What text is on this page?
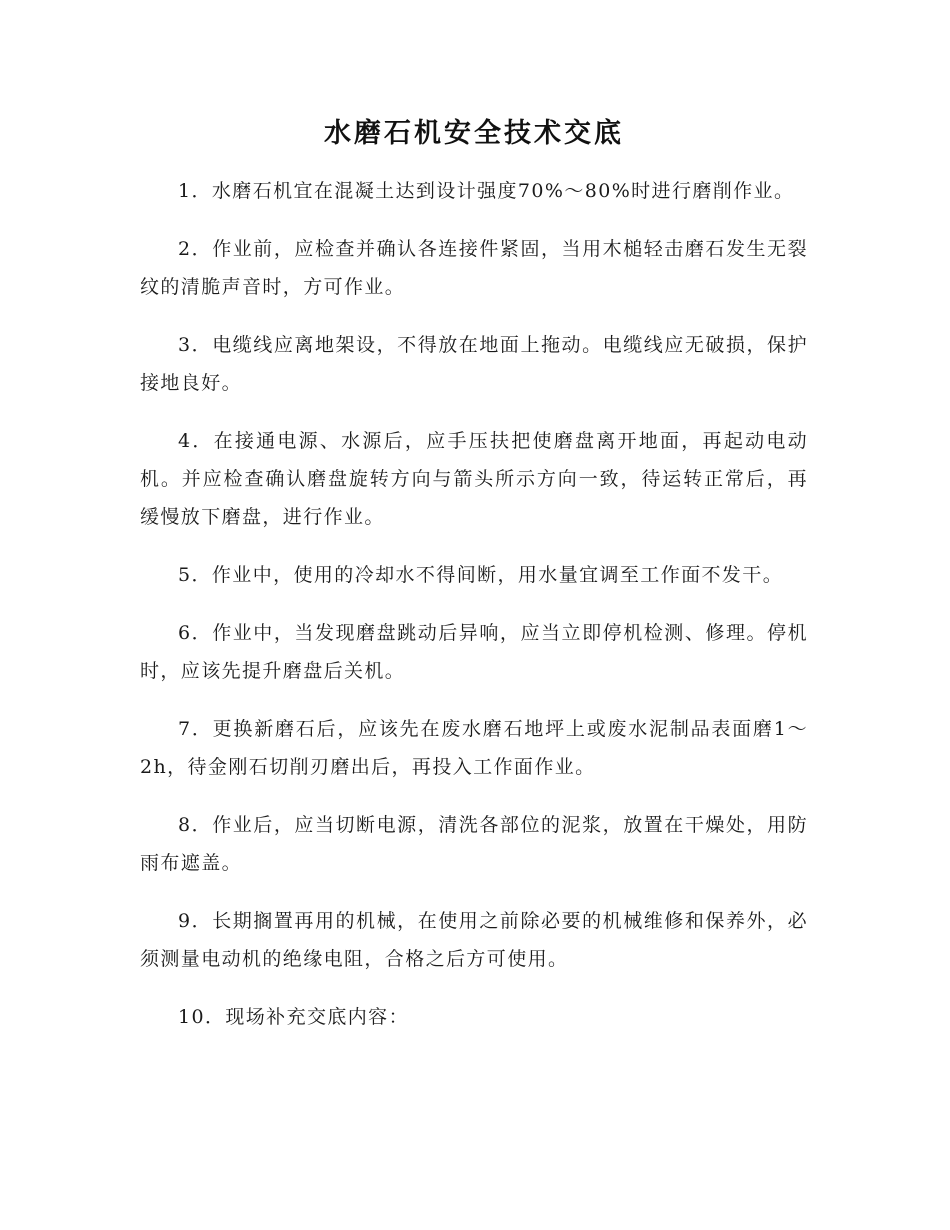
水磨石机安全技术交底

1．水磨石机宜在混凝土达到设计强度70%～80%时进行磨削作业。

2．作业前，应检查并确认各连接件紧固，当用木槌轻击磨石发生无裂纹的清脆声音时，方可作业。

3．电缆线应离地架设，不得放在地面上拖动。电缆线应无破损，保护接地良好。

4．在接通电源、水源后，应手压扶把使磨盘离开地面，再起动电动机。并应检查确认磨盘旋转方向与箭头所示方向一致，待运转正常后，再缓慢放下磨盘，进行作业。

5．作业中，使用的冷却水不得间断，用水量宜调至工作面不发干。

6．作业中，当发现磨盘跳动后异响，应当立即停机检测、修理。停机时，应该先提升磨盘后关机。

7．更换新磨石后，应该先在废水磨石地坪上或废水泥制品表面磨1～2h，待金刚石切削刃磨出后，再投入工作面作业。

8．作业后，应当切断电源，清洗各部位的泥浆，放置在干燥处，用防雨布遮盖。

9．长期搁置再用的机械，在使用之前除必要的机械维修和保养外，必须测量电动机的绝缘电阻，合格之后方可使用。

10．现场补充交底内容：
